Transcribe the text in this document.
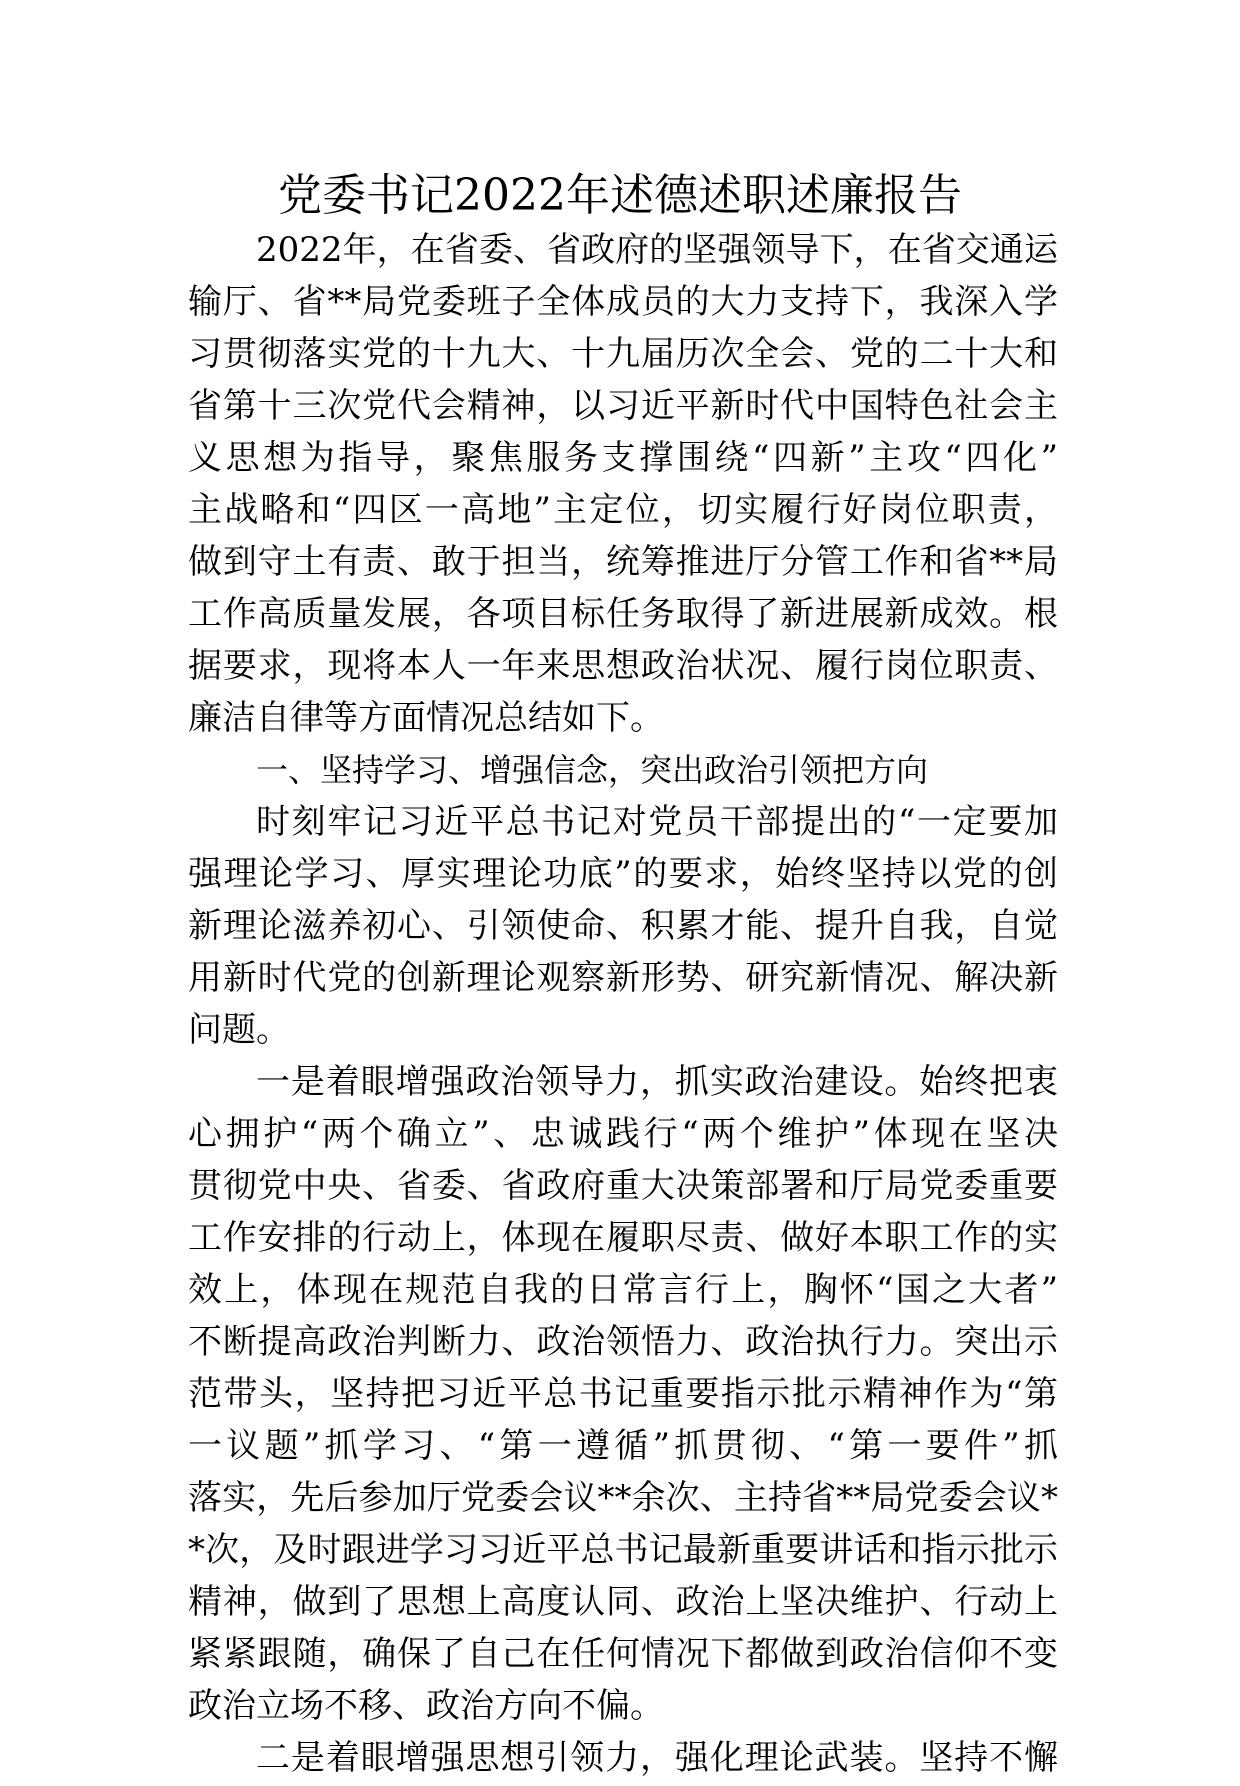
党委书记2022年述德述职述廉报告
2022年，在省委、省政府的坚强领导下，在省交通运
输厅、省**局党委班子全体成员的大力支持下，我深入学
习贯彻落实党的十九大、十九届历次全会、党的二十大和
省第十三次党代会精神，以习近平新时代中国特色社会主
义思想为指导，聚焦服务支撑围绕“四新”主攻“四化”
主战略和“四区一高地”主定位，切实履行好岗位职责，
做到守土有责、敢于担当，统筹推进厅分管工作和省**局
工作高质量发展，各项目标任务取得了新进展新成效。根
据要求，现将本人一年来思想政治状况、履行岗位职责、
廉洁自律等方面情况总结如下。
一、坚持学习、增强信念，突出政治引领把方向
时刻牢记习近平总书记对党员干部提出的“一定要加
强理论学习、厚实理论功底”的要求，始终坚持以党的创
新理论滋养初心、引领使命、积累才能、提升自我，自觉
用新时代党的创新理论观察新形势、研究新情况、解决新
问题。
一是着眼增强政治领导力，抓实政治建设。始终把衷
心拥护“两个确立”、忠诚践行“两个维护”体现在坚决
贯彻党中央、省委、省政府重大决策部署和厅局党委重要
工作安排的行动上，体现在履职尽责、做好本职工作的实
效上，体现在规范自我的日常言行上，胸怀“国之大者”
不断提高政治判断力、政治领悟力、政治执行力。突出示
范带头，坚持把习近平总书记重要指示批示精神作为“第
一议题”抓学习、“第一遵循”抓贯彻、“第一要件”抓
落实，先后参加厅党委会议**余次、主持省**局党委会议*
*次，及时跟进学习习近平总书记最新重要讲话和指示批示
精神，做到了思想上高度认同、政治上坚决维护、行动上
紧紧跟随，确保了自己在任何情况下都做到政治信仰不变
政治立场不移、政治方向不偏。
二是着眼增强思想引领力，强化理论武装。坚持不懈
